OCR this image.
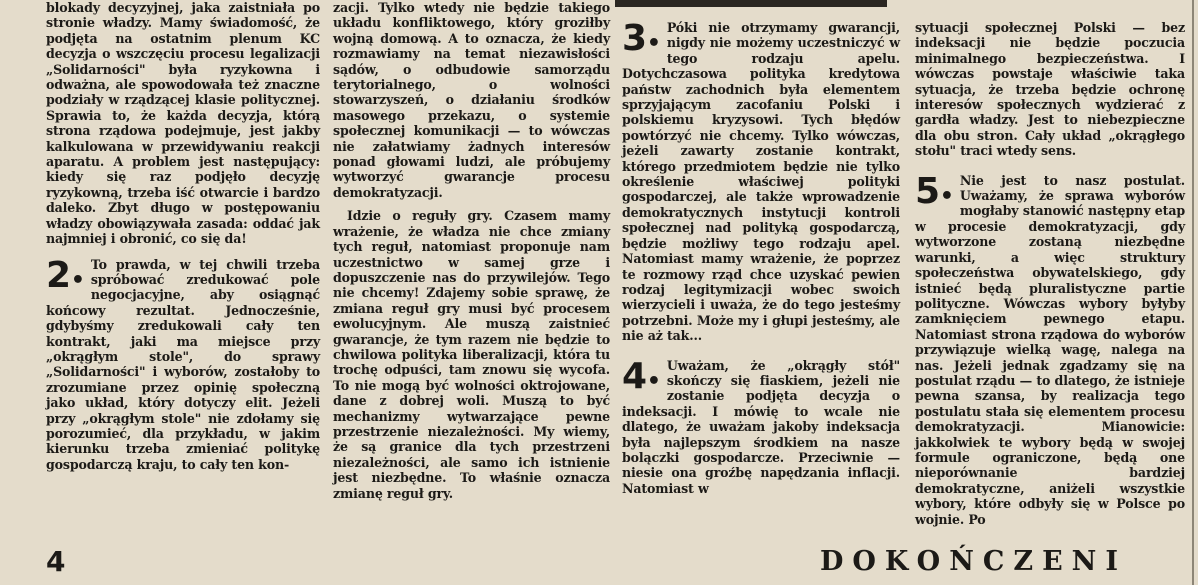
blokady decyzyjnej, jaka zaistniała po stronie władzy. Mamy świadomość, że podjęta na ostatnim plenum KC decyzja o wszczęciu procesu legalizacji „Solidarności" była ryzykowna i odważna, ale spowodowała też znaczne podziały w rządzącej klasie politycznej. Sprawia to, że każda decyzja, którą strona rządowa podejmuje, jest jakby kalkulowana w przewidywaniu reakcji aparatu. A problem jest następujący: kiedy się raz podjęło decyzję ryzykowną, trzeba iść otwarcie i bardzo daleko. Zbyt długo w postępowaniu władzy obowiązywała zasada: oddać jak najmniej i obronić, co się da!

2•
To prawda, w tej chwili trzeba spróbować zredukować pole negocjacyjne, aby osiągnąć końcowy rezultat. Jednocześnie, gdybyśmy zredukowali cały ten kontrakt, jaki ma miejsce przy „okrągłym stole", do sprawy „Solidarności" i wyborów, zostałoby to zrozumiane przez opinię społeczną jako układ, który dotyczy elit. Jeżeli przy „okrągłym stole" nie zdołamy się porozumieć, dla przykładu, w jakim kierunku trzeba zmieniać politykę gospodarczą kraju, to cały ten kon-

zacji. Tylko wtedy nie będzie takiego układu konfliktowego, który groziłby wojną domową. A to oznacza, że kiedy rozmawiamy na temat niezawisłości sądów, o odbudowie samorządu terytorialnego, o wolności stowarzyszeń, o działaniu środków masowego przekazu, o systemie społecznej komunikacji — to wówczas nie załatwiamy żadnych interesów ponad głowami ludzi, ale próbujemy wytworzyć gwarancje procesu demokratyzacji.

Idzie o reguły gry. Czasem mamy wrażenie, że władza nie chce zmiany tych reguł, natomiast proponuje nam uczestnictwo w samej grze i dopuszczenie nas do przywilejów. Tego nie chcemy! Zdajemy sobie sprawę, że zmiana reguł gry musi być procesem ewolucyjnym. Ale muszą zaistnieć gwarancje, że tym razem nie będzie to chwilowa polityka liberalizacji, która tu trochę odpuści, tam znowu się wycofa. To nie mogą być wolności oktrojowane, dane z dobrej woli. Muszą to być mechanizmy wytwarzające pewne przestrzenie niezależności. My wiemy, że są granice dla tych przestrzeni niezależności, ale samo ich istnienie jest niezbędne. To właśnie oznacza zmianę reguł gry.

3•
Póki nie otrzymamy gwarancji, nigdy nie możemy uczestniczyć w tego rodzaju apelu. Dotychczasowa polityka kredytowa państw zachodnich była elementem sprzyjającym zacofaniu Polski i polskiemu kryzysowi. Tych błędów powtórzyć nie chcemy. Tylko wówczas, jeżeli zawarty zostanie kontrakt, którego przedmiotem będzie nie tylko określenie właściwej polityki gospodarczej, ale także wprowadzenie demokratycznych instytucji kontroli społecznej nad polityką gospodarczą, będzie możliwy tego rodzaju apel. Natomiast mamy wrażenie, że poprzez te rozmowy rząd chce uzyskać pewien rodzaj legitymizacji wobec swoich wierzycieli i uważa, że do tego jesteśmy potrzebni. Może my i głupi jesteśmy, ale nie aż tak...

4•
Uważam, że „okrągły stół" skończy się fiaskiem, jeżeli nie zostanie podjęta decyzja o indeksacji. I mówię to wcale nie dlatego, że uważam jakoby indeksacja była najlepszym środkiem na nasze bolączki gospodarcze. Przeciwnie — niesie ona groźbę napędzania inflacji. Natomiast w

sytuacji społecznej Polski — bez indeksacji nie będzie poczucia minimalnego bezpieczeństwa. I wówczas powstaje właściwie taka sytuacja, że trzeba będzie ochronę interesów społecznych wydzierać z gardła władzy. Jest to niebezpieczne dla obu stron. Cały układ „okrągłego stołu" traci wtedy sens.

5•
Nie jest to nasz postulat. Uważamy, że sprawa wyborów mogłaby stanowić następny etap w procesie demokratyzacji, gdy wytworzone zostaną niezbędne warunki, a więc struktury społeczeństwa obywatelskiego, gdy istnieć będą pluralistyczne partie polityczne. Wówczas wybory byłyby zamknięciem pewnego etapu. Natomiast strona rządowa do wyborów przywiązuje wielką wagę, nalega na nas. Jeżeli jednak zgadzamy się na postulat rządu — to dlatego, że istnieje pewna szansa, by realizacja tego postulatu stała się elementem procesu demokratyzacji. Mianowicie: jakkolwiek te wybory będą w swojej formule ograniczone, będą one nieporównanie bardziej demokratyczne, aniżeli wszystkie wybory, które odbyły się w Polsce po wojnie. Po

4	DOKOŃCZENI
